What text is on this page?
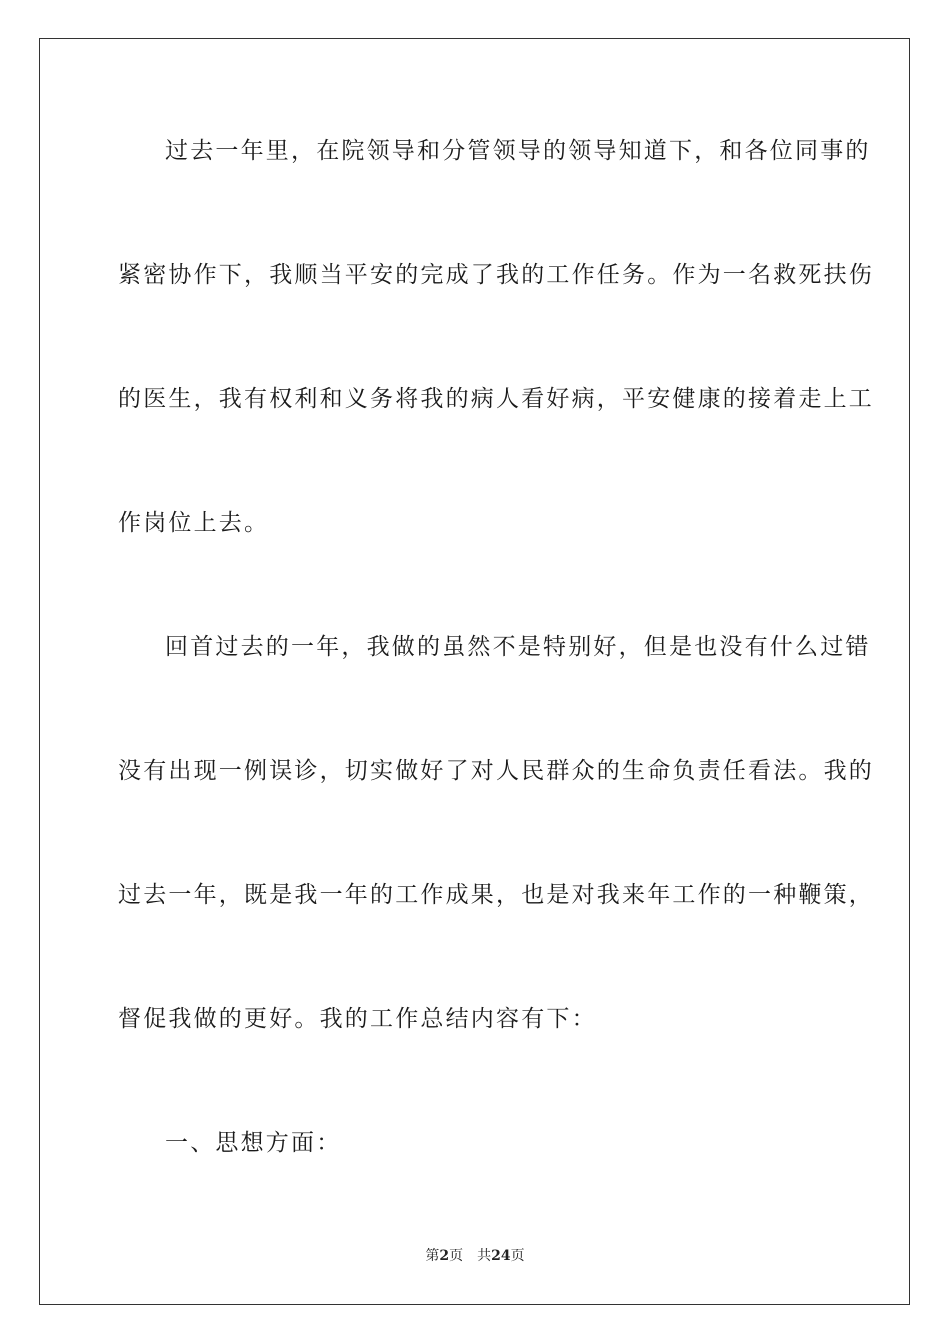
过去一年里，在院领导和分管领导的领导知道下，和各位同事的
紧密协作下，我顺当平安的完成了我的工作任务。作为一名救死扶伤
的医生，我有权利和义务将我的病人看好病，平安健康的接着走上工
作岗位上去。
回首过去的一年，我做的虽然不是特别好，但是也没有什么过错
没有出现一例误诊，切实做好了对人民群众的生命负责任看法。我的
过去一年，既是我一年的工作成果，也是对我来年工作的一种鞭策，
督促我做的更好。我的工作总结内容有下：
一、思想方面：
第2页 共24页
